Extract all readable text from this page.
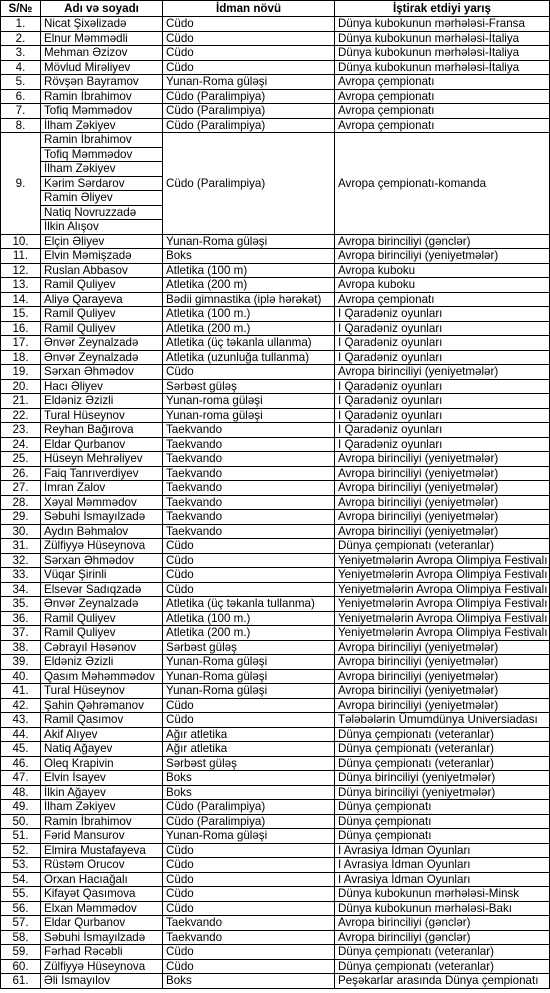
S/№	Adı və soyadı	İdman növü	İştirak etdiyi yarış
1.	Nicat Şixəlizadə	Cüdo	Dünya kubokunun mərhələsi-Fransa
2.	Elnur Məmmədli	Cüdo	Dünya kubokunun mərhələsi-İtaliya
3.	Mehman Əzizov	Cüdo	Dünya kubokunun mərhələsi-İtaliya
4.	Mövlud Mirəliyev	Cüdo	Dünya kubokunun mərhələsi-İtaliya
5.	Rövşən Bayramov	Yunan-Roma güləşi	Avropa çempionatı
6.	Ramin İbrahimov	Cüdo (Paralimpiya)	Avropa çempionatı
7.	Tofiq Məmmədov	Cüdo (Paralimpiya)	Avropa çempionatı
8.	İlham Zəkiyev	Cüdo (Paralimpiya)	Avropa çempionatı
9.	Ramin İbrahimov	Cüdo (Paralimpiya)	Avropa çempionatı-komanda
	Tofiq Məmmədov		
	İlham Zəkiyev		
	Kərim Sərdarov		
	Ramin Əliyev		
	Natiq Novruzzadə		
	İlkin Alışov		
10.	Elçin Əliyev	Yunan-Roma güləşi	Avropa birinciliyi (gənclər)
11.	Elvin Məmişzadə	Boks	Avropa birinciliyi (yeniyetmələr)
12.	Ruslan Abbasov	Atletika (100 m)	Avropa kuboku
13.	Ramil Quliyev	Atletika (200 m)	Avropa kuboku
14.	Aliyə Qarayeva	Bədii gimnastika (iplə hərəkət)	Avropa çempionatı
15.	Ramil Quliyev	Atletika (100 m.)	I Qaradəniz oyunları
16.	Ramil Quliyev	Atletika (200 m.)	I Qaradəniz oyunları
17.	Ənvər Zeynalzadə	Atletika (üç təkanla ullanma)	I Qaradəniz oyunları
18.	Ənvər Zeynalzadə	Atletika (uzunluğa tullanma)	I Qaradəniz oyunları
19.	Sərxan Əhmədov	Cüdo	Avropa birinciliyi (yeniyetmələr)
20.	Hacı Əliyev	Sərbəst güləş	I Qaradəniz oyunları
21.	Eldəniz Əzizli	Yunan-roma güləşi	I Qaradəniz oyunları
22.	Tural Hüseynov	Yunan-roma güləşi	I Qaradəniz oyunları
23.	Reyhan Bağırova	Taekvando	I Qaradəniz oyunları
24.	Eldar Qurbanov	Taekvando	I Qaradəniz oyunları
25.	Hüseyn Mehrəliyev	Taekvando	Avropa birinciliyi (yeniyetmələr)
26.	Faiq Tanrıverdiyev	Taekvando	Avropa birinciliyi (yeniyetmələr)
27.	İmran Zalov	Taekvando	Avropa birinciliyi (yeniyetmələr)
28.	Xəyal Məmmədov	Taekvando	Avropa birinciliyi (yeniyetmələr)
29.	Səbuhi İsmayılzadə	Taekvando	Avropa birinciliyi (yeniyetmələr)
30.	Aydın Bəhmalov	Taekvando	Avropa birinciliyi (yeniyetmələr)
31.	Zülfiyyə Hüseynova	Cüdo	Dünya çempionatı (veteranlar)
32.	Sərxan Əhmədov	Cüdo	Yeniyetmələrin Avropa Olimpiya Festivalı
33.	Vüqar Şirinli	Cüdo	Yeniyetmələrin Avropa Olimpiya Festivalı
34.	Elsevər Sadıqzadə	Cüdo	Yeniyetmələrin Avropa Olimpiya Festivalı
35.	Ənvər Zeynalzadə	Atletika (üç təkanla tullanma)	Yeniyetmələrin Avropa Olimpiya Festivalı
36.	Ramil Quliyev	Atletika (100 m.)	Yeniyetmələrin Avropa Olimpiya Festivalı
37.	Ramil Quliyev	Atletika (200 m.)	Yeniyetmələrin Avropa Olimpiya Festivalı
38.	Cəbrayıl Həsənov	Sərbəst güləş	Avropa birinciliyi (yeniyetmələr)
39.	Eldəniz Əzizli	Yunan-Roma güləşi	Avropa birinciliyi (yeniyetmələr)
40.	Qasım Məhəmmədov	Yunan-Roma güləşi	Avropa birinciliyi (yeniyetmələr)
41.	Tural Hüseynov	Yunan-Roma güləşi	Avropa birinciliyi (yeniyetmələr)
42.	Şahin Qəhrəmanov	Cüdo	Avropa birinciliyi (yeniyetmələr)
43.	Ramil Qasımov	Cüdo	Tələbələrin Ümumdünya Universiadası
44.	Akif Alıyev	Ağır atletika	Dünya çempionatı (veteranlar)
45.	Natiq Ağayev	Ağır atletika	Dünya çempionatı (veteranlar)
46.	Oleq Krapivin	Sərbəst güləş	Dünya çempionatı (veteranlar)
47.	Elvin İsayev	Boks	Dünya birinciliyi (yeniyetmələr)
48.	İlkin Ağayev	Boks	Dünya birinciliyi (yeniyetmələr)
49.	İlham Zəkiyev	Cüdo (Paralimpiya)	Dünya çempionatı
50.	Ramin İbrahimov	Cüdo (Paralimpiya)	Dünya çempionatı
51.	Fərid Mansurov	Yunan-Roma güləşi	Dünya çempionatı
52.	Elmira Mustafayeva	Cüdo	I Avrasiya İdman Oyunları
53.	Rüstəm Orucov	Cüdo	I Avrasiya İdman Oyunları
54.	Orxan Hacıağalı	Cüdo	I Avrasiya İdman Oyunları
55.	Kifayət Qasımova	Cüdo	Dünya kubokunun mərhələsi-Minsk
56.	Elxan Məmmədov	Cüdo	Dünya kubokunun mərhələsi-Bakı
57.	Eldar Qurbanov	Taekvando	Avropa birinciliyi (gənclər)
58.	Səbuhi İsmayılzadə	Taekvando	Avropa birinciliyi (gənclər)
59.	Fərhad Rəcəbli	Cüdo	Dünya çempionatı (veteranlar)
60.	Zülfiyyə Hüseynova	Cüdo	Dünya çempionatı (veteranlar)
61.	Əli İsmayılov	Boks	Peşəkarlar arasında Dünya çempionatı
